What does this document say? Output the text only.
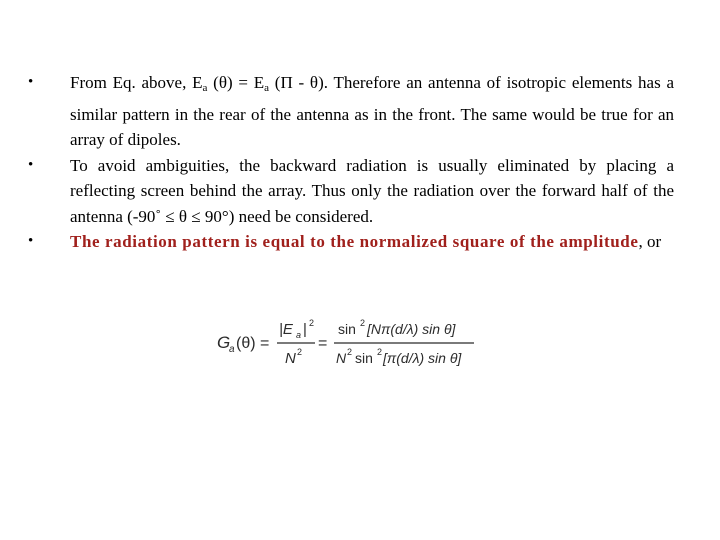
• From Eq. above, $E_a$ $(\theta) = E_a$ (Π - θ). Therefore an antenna of isotropic elements has a similar pattern in the rear of the antenna as in the front. The same would be true for an array of dipoles.
• To avoid ambiguities, the backward radiation is usually eliminated by placing a reflecting screen behind the array. Thus only the radiation over the forward half of the antenna (-90˚ ≤ θ ≤ 90°) need be considered.
• The radiation pattern is equal to the normalized square of the amplitude, or
G
a (θ) =
|E a | 2
N 2 =
sin 2 [Nπ(d/λ) sin θ]
N 2 sin 2 [π(d/λ) sin θ]
